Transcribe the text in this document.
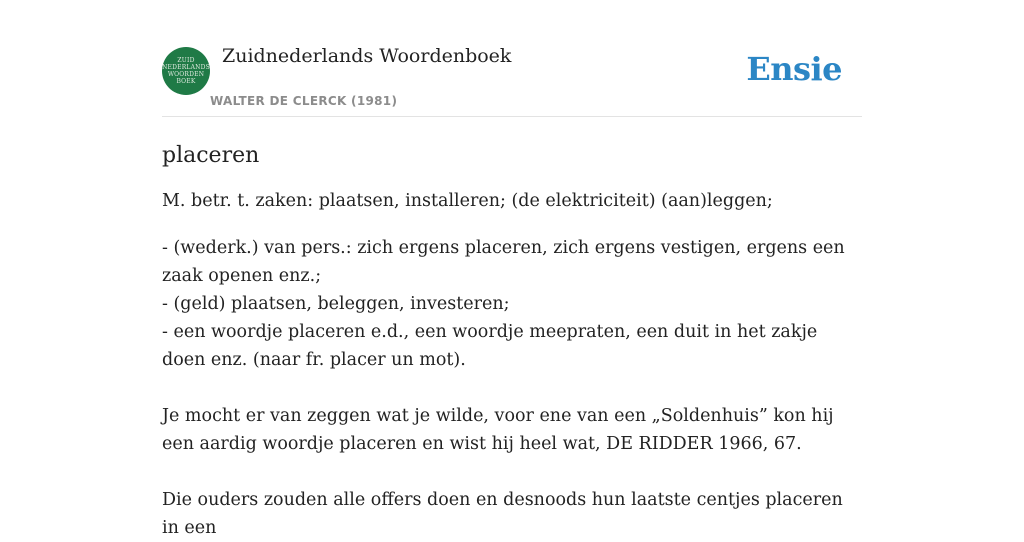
ZUID
NEDERLANDS
WOORDEN
BOEK
Zuidnederlands Woordenboek
WALTER DE CLERCK (1981)
Ensie
placeren

M. betr. t. zaken: plaatsen, installeren; (de elektriciteit) (aan)leggen;

- (wederk.) van pers.: zich ergens placeren, zich ergens vestigen, ergens een zaak openen enz.;

- (geld) plaatsen, beleggen, investeren;

- een woordje placeren e.d., een woordje meepraten, een duit in het zakje doen enz. (naar fr. placer un mot).

Je mocht er van zeggen wat je wilde, voor ene van een „Soldenhuis” kon hij een aardig woordje placeren en wist hij heel wat, DE RIDDER 1966, 67.

Die ouders zouden alle offers doen en desnoods hun laatste centjes placeren in een
